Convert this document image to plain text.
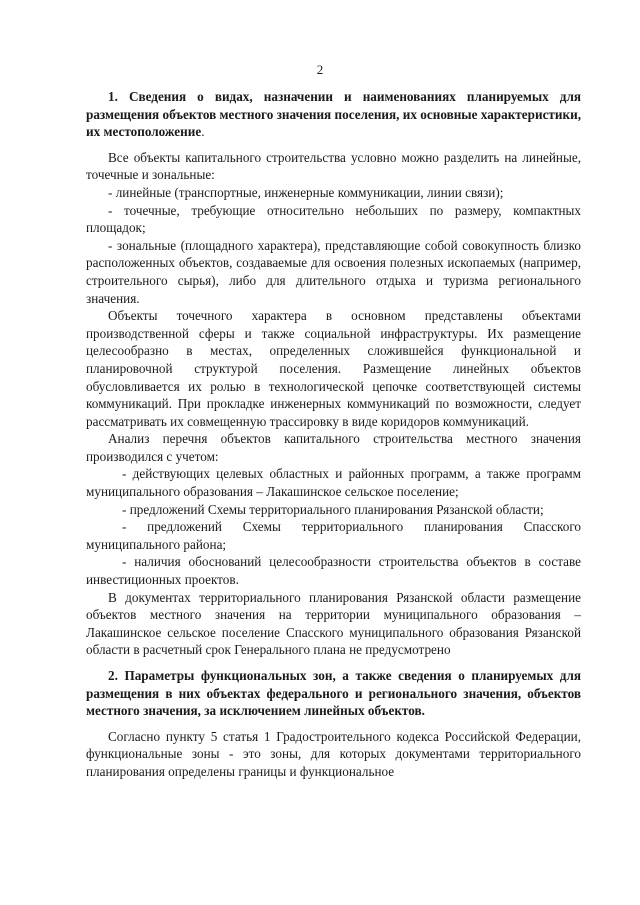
2

1. Сведения о видах, назначении и наименованиях планируемых для размещения объектов местного значения поселения, их основные характеристики, их местоположение.

Все объекты капитального строительства условно можно разделить на линейные, точечные и зональные:

- линейные (транспортные, инженерные коммуникации, линии связи);

- точечные, требующие относительно небольших по размеру, компактных площадок;

- зональные (площадного характера), представляющие собой совокупность близко расположенных объектов, создаваемые для освоения полезных ископаемых (например, строительного сырья), либо для длительного отдыха и туризма регионального значения.

Объекты точечного характера в основном представлены объектами производственной сферы и также социальной инфраструктуры. Их размещение целесообразно в местах, определенных сложившейся функциональной и планировочной структурой поселения. Размещение линейных объектов обусловливается их ролью в технологической цепочке соответствующей системы коммуникаций. При прокладке инженерных коммуникаций по возможности, следует рассматривать их совмещенную трассировку в виде коридоров коммуникаций.

Анализ перечня объектов капитального строительства местного значения производился с учетом:

- действующих целевых областных и районных программ, а также программ муниципального образования – Лакашинское сельское поселение;

- предложений Схемы территориального планирования Рязанской области;

- предложений Схемы территориального планирования Спасского муниципального района;

- наличия обоснований целесообразности строительства объектов в составе инвестиционных проектов.

В документах территориального планирования Рязанской области размещение объектов местного значения на территории муниципального образования – Лакашинское сельское поселение Спасского муниципального образования Рязанской области в расчетный срок Генерального плана не предусмотрено

2. Параметры функциональных зон, а также сведения о планируемых для размещения в них объектах федерального и регионального значения, объектов местного значения, за исключением линейных объектов.

Согласно пункту 5 статья 1 Градостроительного кодекса Российской Федерации, функциональные зоны - это зоны, для которых документами территориального планирования определены границы и функциональное
